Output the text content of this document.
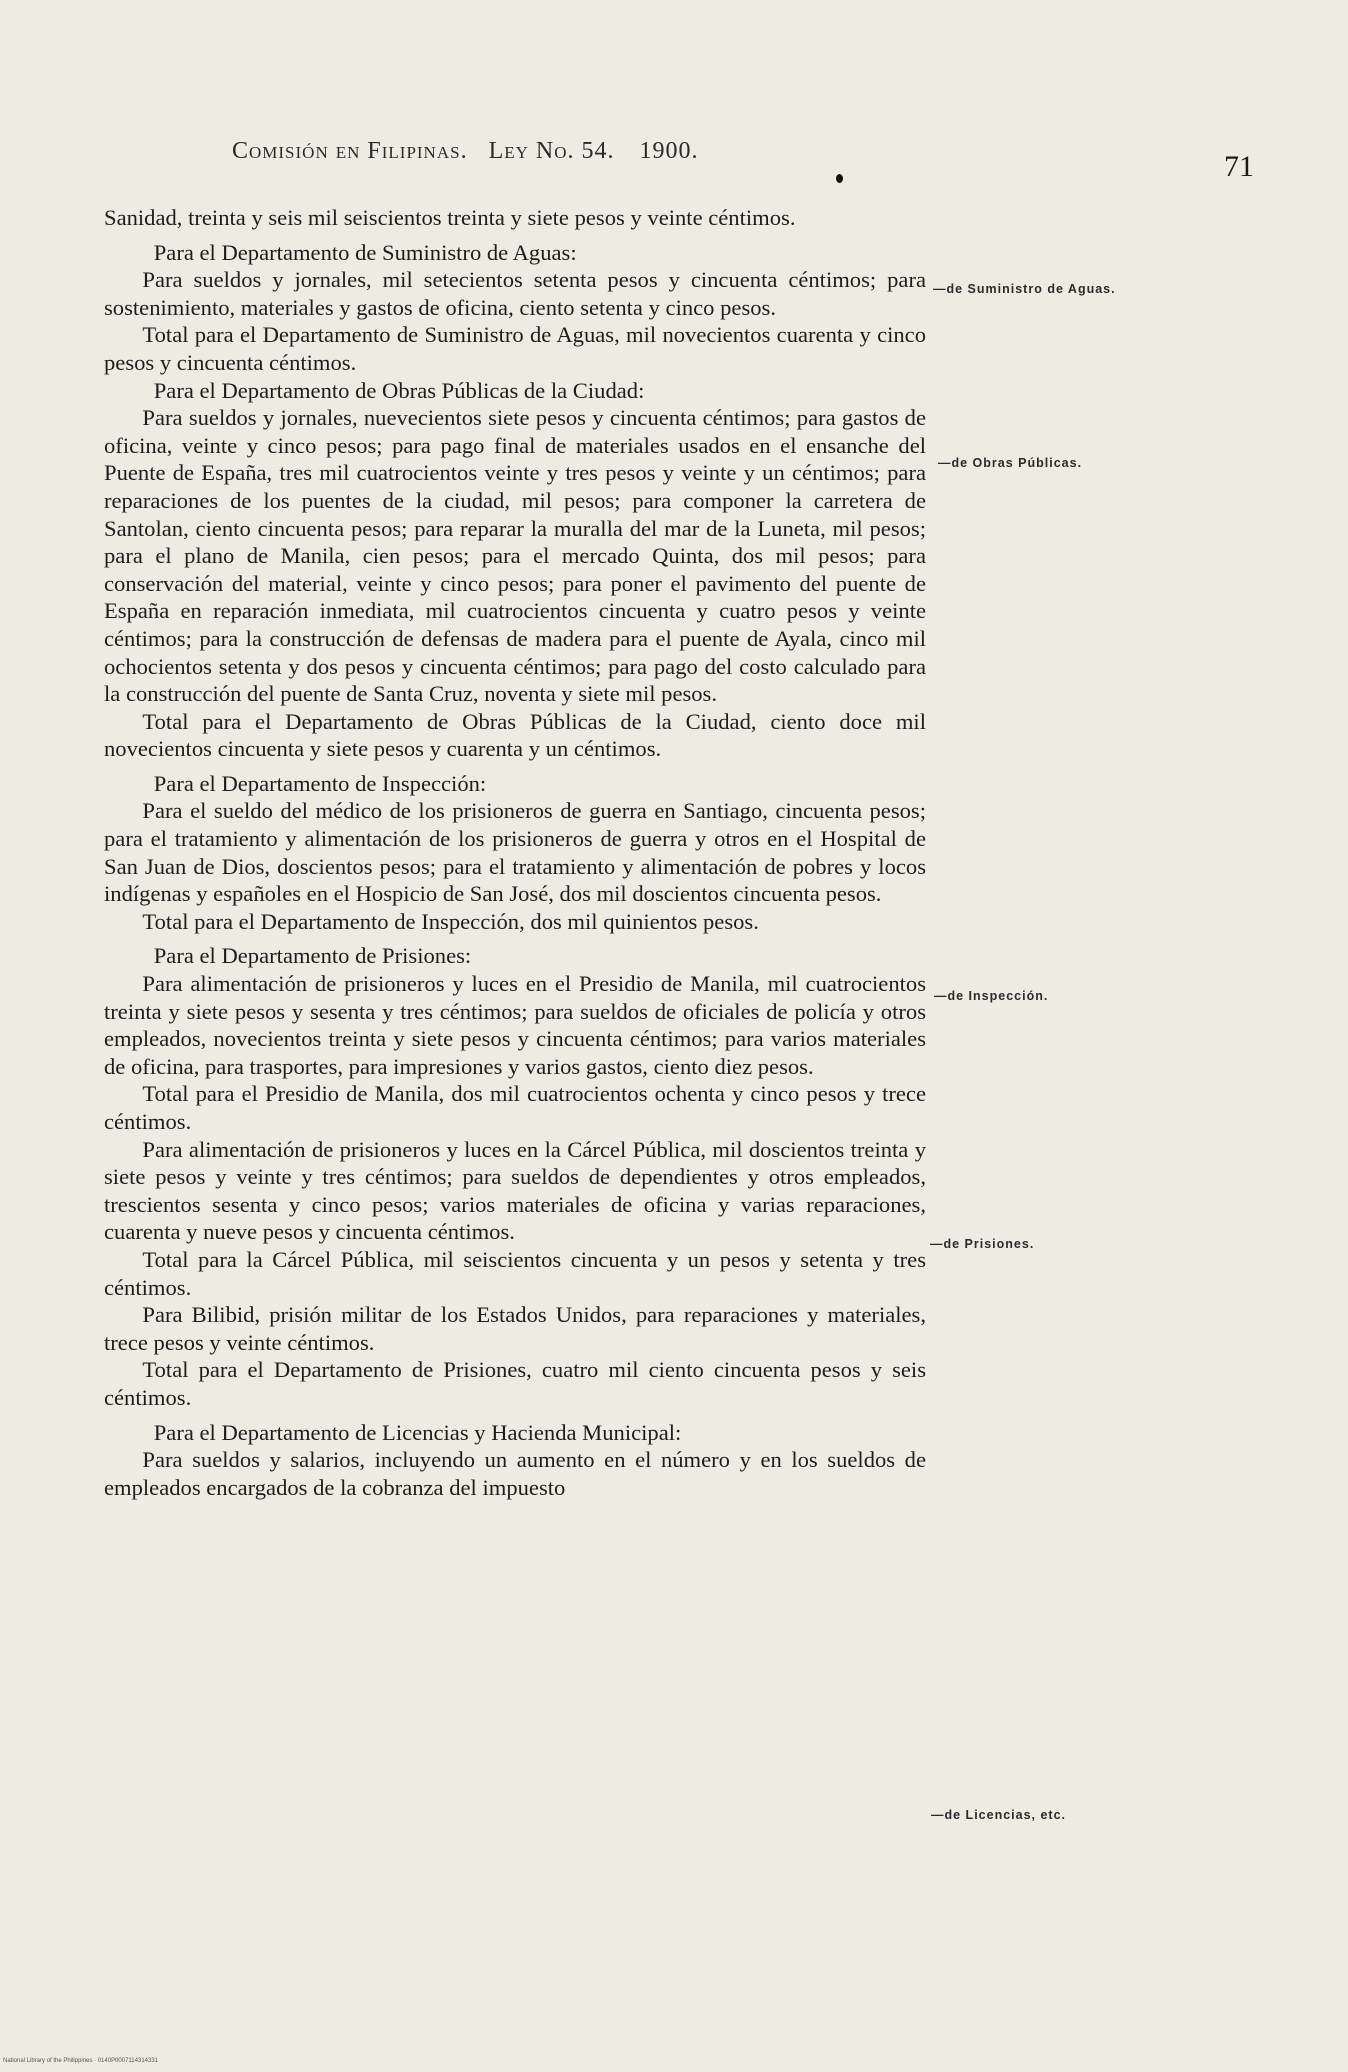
Comisión en Filipinas. Ley No. 54. 1900.	71

Sanidad, treinta y seis mil seiscientos treinta y siete pesos y veinte céntimos.

Para el Departamento de Suministro de Aguas:

Para sueldos y jornales, mil setecientos setenta pesos y cincuenta céntimos; para sostenimiento, materiales y gastos de oficina, ciento setenta y cinco pesos.

Total para el Departamento de Suministro de Aguas, mil novecientos cuarenta y cinco pesos y cincuenta céntimos.

Para el Departamento de Obras Públicas de la Ciudad:

Para sueldos y jornales, nuevecientos siete pesos y cincuenta céntimos; para gastos de oficina, veinte y cinco pesos; para pago final de materiales usados en el ensanche del Puente de España, tres mil cuatrocientos veinte y tres pesos y veinte y un céntimos; para reparaciones de los puentes de la ciudad, mil pesos; para componer la carretera de Santolan, ciento cincuenta pesos; para reparar la muralla del mar de la Luneta, mil pesos; para el plano de Manila, cien pesos; para el mercado Quinta, dos mil pesos; para conservación del material, veinte y cinco pesos; para poner el pavimento del puente de España en reparación inmediata, mil cuatrocientos cincuenta y cuatro pesos y veinte céntimos; para la construcción de defensas de madera para el puente de Ayala, cinco mil ochocientos setenta y dos pesos y cincuenta céntimos; para pago del costo calculado para la construcción del puente de Santa Cruz, noventa y siete mil pesos.

Total para el Departamento de Obras Públicas de la Ciudad, ciento doce mil novecientos cincuenta y siete pesos y cuarenta y un céntimos.

Para el Departamento de Inspección:

Para el sueldo del médico de los prisioneros de guerra en Santiago, cincuenta pesos; para el tratamiento y alimentación de los prisioneros de guerra y otros en el Hospital de San Juan de Dios, doscientos pesos; para el tratamiento y alimentación de pobres y locos indígenas y españoles en el Hospicio de San José, dos mil doscientos cincuenta pesos.

Total para el Departamento de Inspección, dos mil quinientos pesos.

Para el Departamento de Prisiones:

Para alimentación de prisioneros y luces en el Presidio de Manila, mil cuatrocientos treinta y siete pesos y sesenta y tres céntimos; para sueldos de oficiales de policía y otros empleados, novecientos treinta y siete pesos y cincuenta céntimos; para varios materiales de oficina, para trasportes, para impresiones y varios gastos, ciento diez pesos.

Total para el Presidio de Manila, dos mil cuatrocientos ochenta y cinco pesos y trece céntimos.

Para alimentación de prisioneros y luces en la Cárcel Pública, mil doscientos treinta y siete pesos y veinte y tres céntimos; para sueldos de dependientes y otros empleados, trescientos sesenta y cinco pesos; varios materiales de oficina y varias reparaciones, cuarenta y nueve pesos y cincuenta céntimos.

Total para la Cárcel Pública, mil seiscientos cincuenta y un pesos y setenta y tres céntimos.

Para Bilibid, prisión militar de los Estados Unidos, para reparaciones y materiales, trece pesos y veinte céntimos.

Total para el Departamento de Prisiones, cuatro mil ciento cincuenta pesos y seis céntimos.

Para el Departamento de Licencias y Hacienda Municipal:

Para sueldos y salarios, incluyendo un aumento en el número y en los sueldos de empleados encargados de la cobranza del impuesto

—de Suministro de Aguas.
—de Obras Públicas.
—de Inspección.
—de Prisiones.
—de Licencias, etc.
National Library of the Philippines · 0140P0007114314331
